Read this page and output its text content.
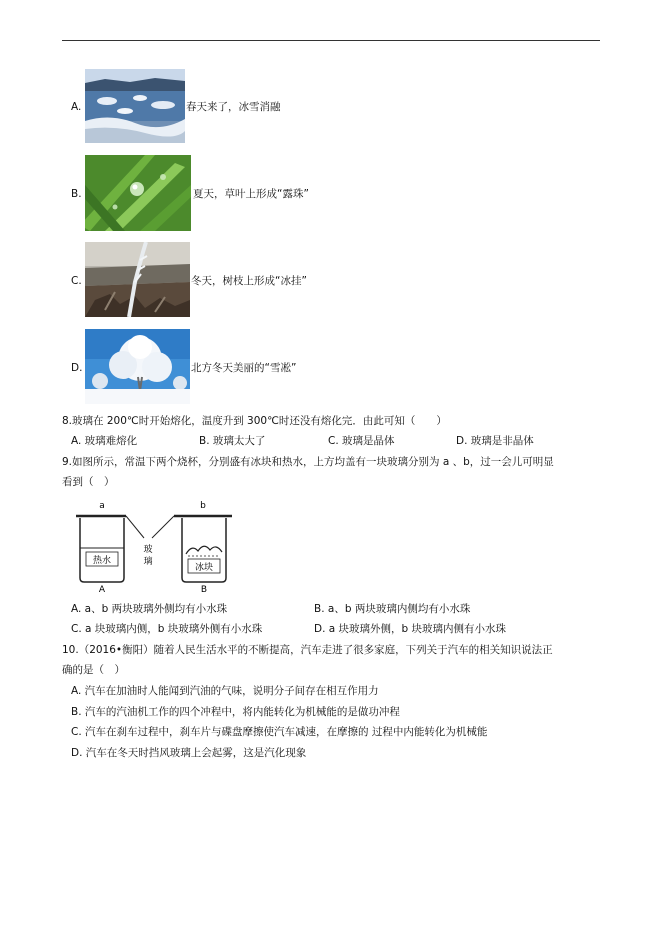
A.	春天来了，冰雪消融
B.	夏天，草叶上形成“露珠”
C.	冬天，树枝上形成“冰挂”
D.	北方冬天美丽的“雪凇”
8.玻璃在 200℃时开始熔化，温度升到 300℃时还没有熔化完．由此可知（　　）
A. 玻璃难熔化	B. 玻璃太大了	C. 玻璃是晶体	D. 玻璃是非晶体
9.如图所示，常温下两个烧杯，分别盛有冰块和热水，上方均盖有一块玻璃分别为 a 、b，过一会儿可明显
看到（　）
a	b
热水
冰块
玻
璃
A	B
A. a、b 两块玻璃外侧均有小水珠	B. a、b 两块玻璃内侧均有小水珠
C. a 块玻璃内侧，b 块玻璃外侧有小水珠	D. a 块玻璃外侧，b 块玻璃内侧有小水珠
10.（2016•衡阳）随着人民生活水平的不断提高，汽车走进了很多家庭，下列关于汽车的相关知识说法正
确的是（　）
A. 汽车在加油时人能闻到汽油的气味，说明分子间存在相互作用力
B. 汽车的汽油机工作的四个冲程中，将内能转化为机械能的是做功冲程
C. 汽车在刹车过程中，刹车片与碟盘摩擦使汽车减速，在摩擦的 过程中内能转化为机械能
D. 汽车在冬天时挡风玻璃上会起雾，这是汽化现象
